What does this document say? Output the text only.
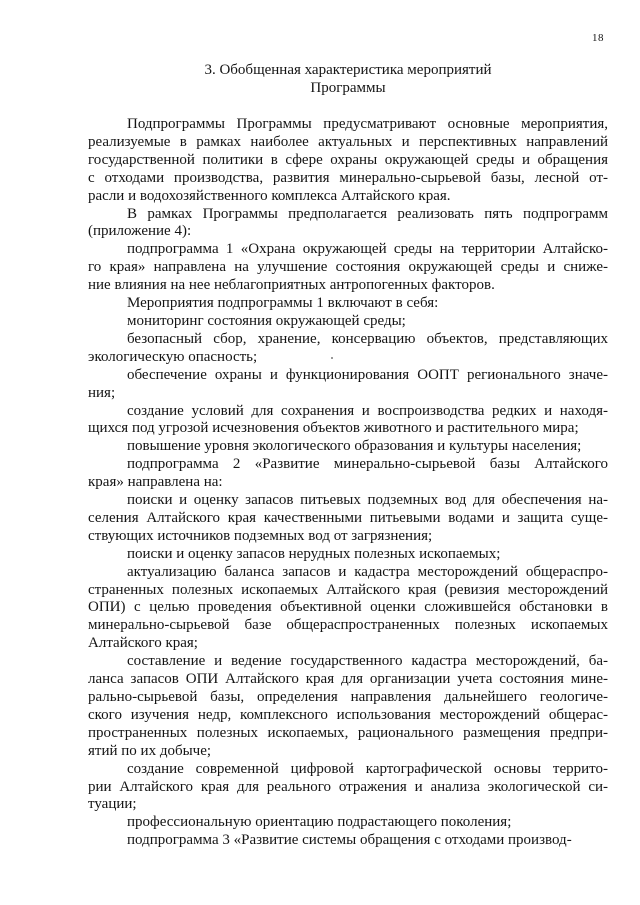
18
3. Обобщенная характеристика мероприятий
Программы
Подпрограммы Программы предусматривают основные мероприятия,
реализуемые в рамках наиболее актуальных и перспективных направлений
государственной политики в сфере охраны окружающей среды и обращения
с отходами производства, развития минерально-сырьевой базы, лесной от-
расли и водохозяйственного комплекса Алтайского края.
В рамках Программы предполагается реализовать пять подпрограмм
(приложение 4):
подпрограмма 1 «Охрана окружающей среды на территории Алтайско-
го края» направлена на улучшение состояния окружающей среды и сниже-
ние влияния на нее неблагоприятных антропогенных факторов.
Мероприятия подпрограммы 1 включают в себя:
мониторинг состояния окружающей среды;
безопасный сбор, хранение, консервацию объектов, представляющих
экологическую опасность;
обеспечение охраны и функционирования ООПТ регионального значе-
ния;
создание условий для сохранения и воспроизводства редких и находя-
щихся под угрозой исчезновения объектов животного и растительного мира;
повышение уровня экологического образования и культуры населения;
подпрограмма 2 «Развитие минерально-сырьевой базы Алтайского
края» направлена на:
поиски и оценку запасов питьевых подземных вод для обеспечения на-
селения Алтайского края качественными питьевыми водами и защита суще-
ствующих источников подземных вод от загрязнения;
поиски и оценку запасов нерудных полезных ископаемых;
актуализацию баланса запасов и кадастра месторождений общераспро-
страненных полезных ископаемых Алтайского края (ревизия месторождений
ОПИ) с целью проведения объективной оценки сложившейся обстановки в
минерально-сырьевой базе общераспространенных полезных ископаемых
Алтайского края;
составление и ведение государственного кадастра месторождений, ба-
ланса запасов ОПИ Алтайского края для организации учета состояния мине-
рально-сырьевой базы, определения направления дальнейшего геологиче-
ского изучения недр, комплексного использования месторождений общерас-
пространенных полезных ископаемых, рационального размещения предпри-
ятий по их добыче;
создание современной цифровой картографической основы террито-
рии Алтайского края для реального отражения и анализа экологической си-
туации;
профессиональную ориентацию подрастающего поколения;
подпрограмма 3 «Развитие системы обращения с отходами производ-
